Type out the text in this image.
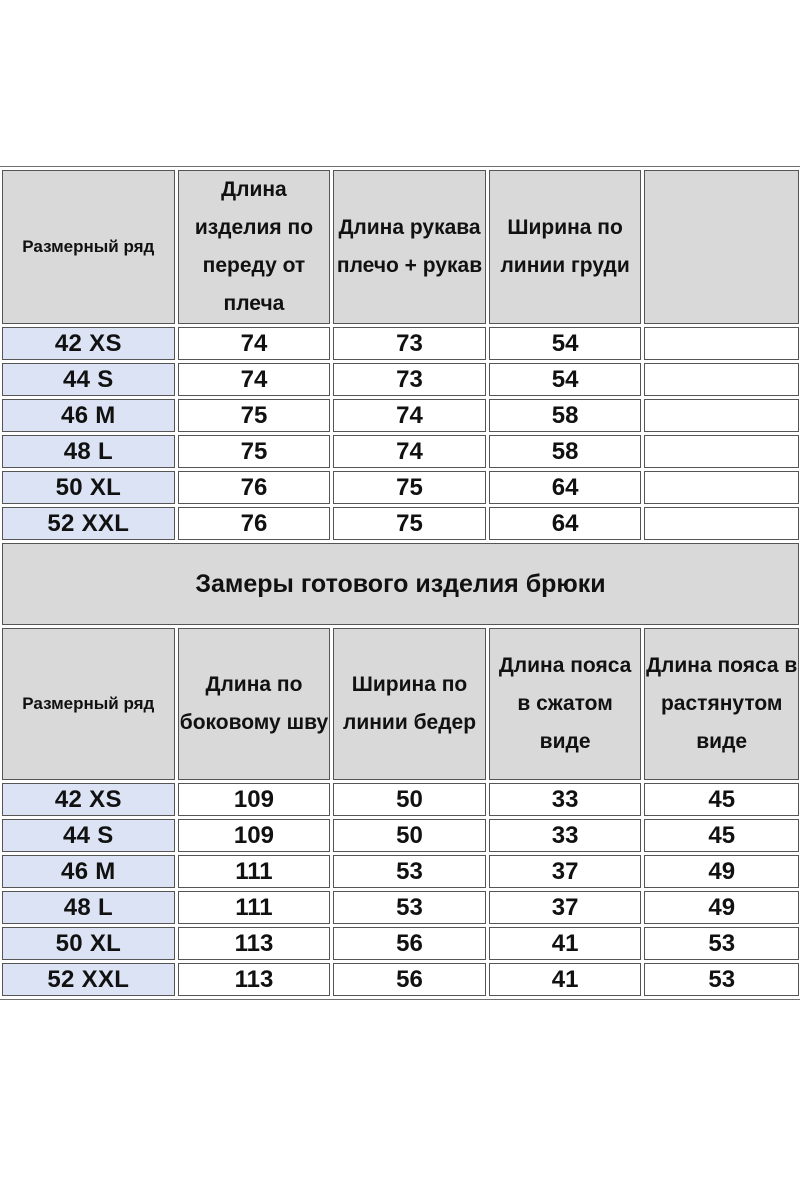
Размерный ряд	Длина изделия по переду от плеча	Длина рукава плечо + рукав	Ширина по линии груди	
42 XS	74	73	54	
44 S	74	73	54	
46 M	75	74	58	
48 L	75	74	58	
50 XL	76	75	64	
52 XXL	76	75	64	
Замеры готового изделия брюки				
Размерный ряд	Длина по боковому шву	Ширина по линии бедер	Длина пояса в сжатом виде	Длина пояса в растянутом виде
42 XS	109	50	33	45
44 S	109	50	33	45
46 M	111	53	37	49
48 L	111	53	37	49
50 XL	113	56	41	53
52 XXL	113	56	41	53
